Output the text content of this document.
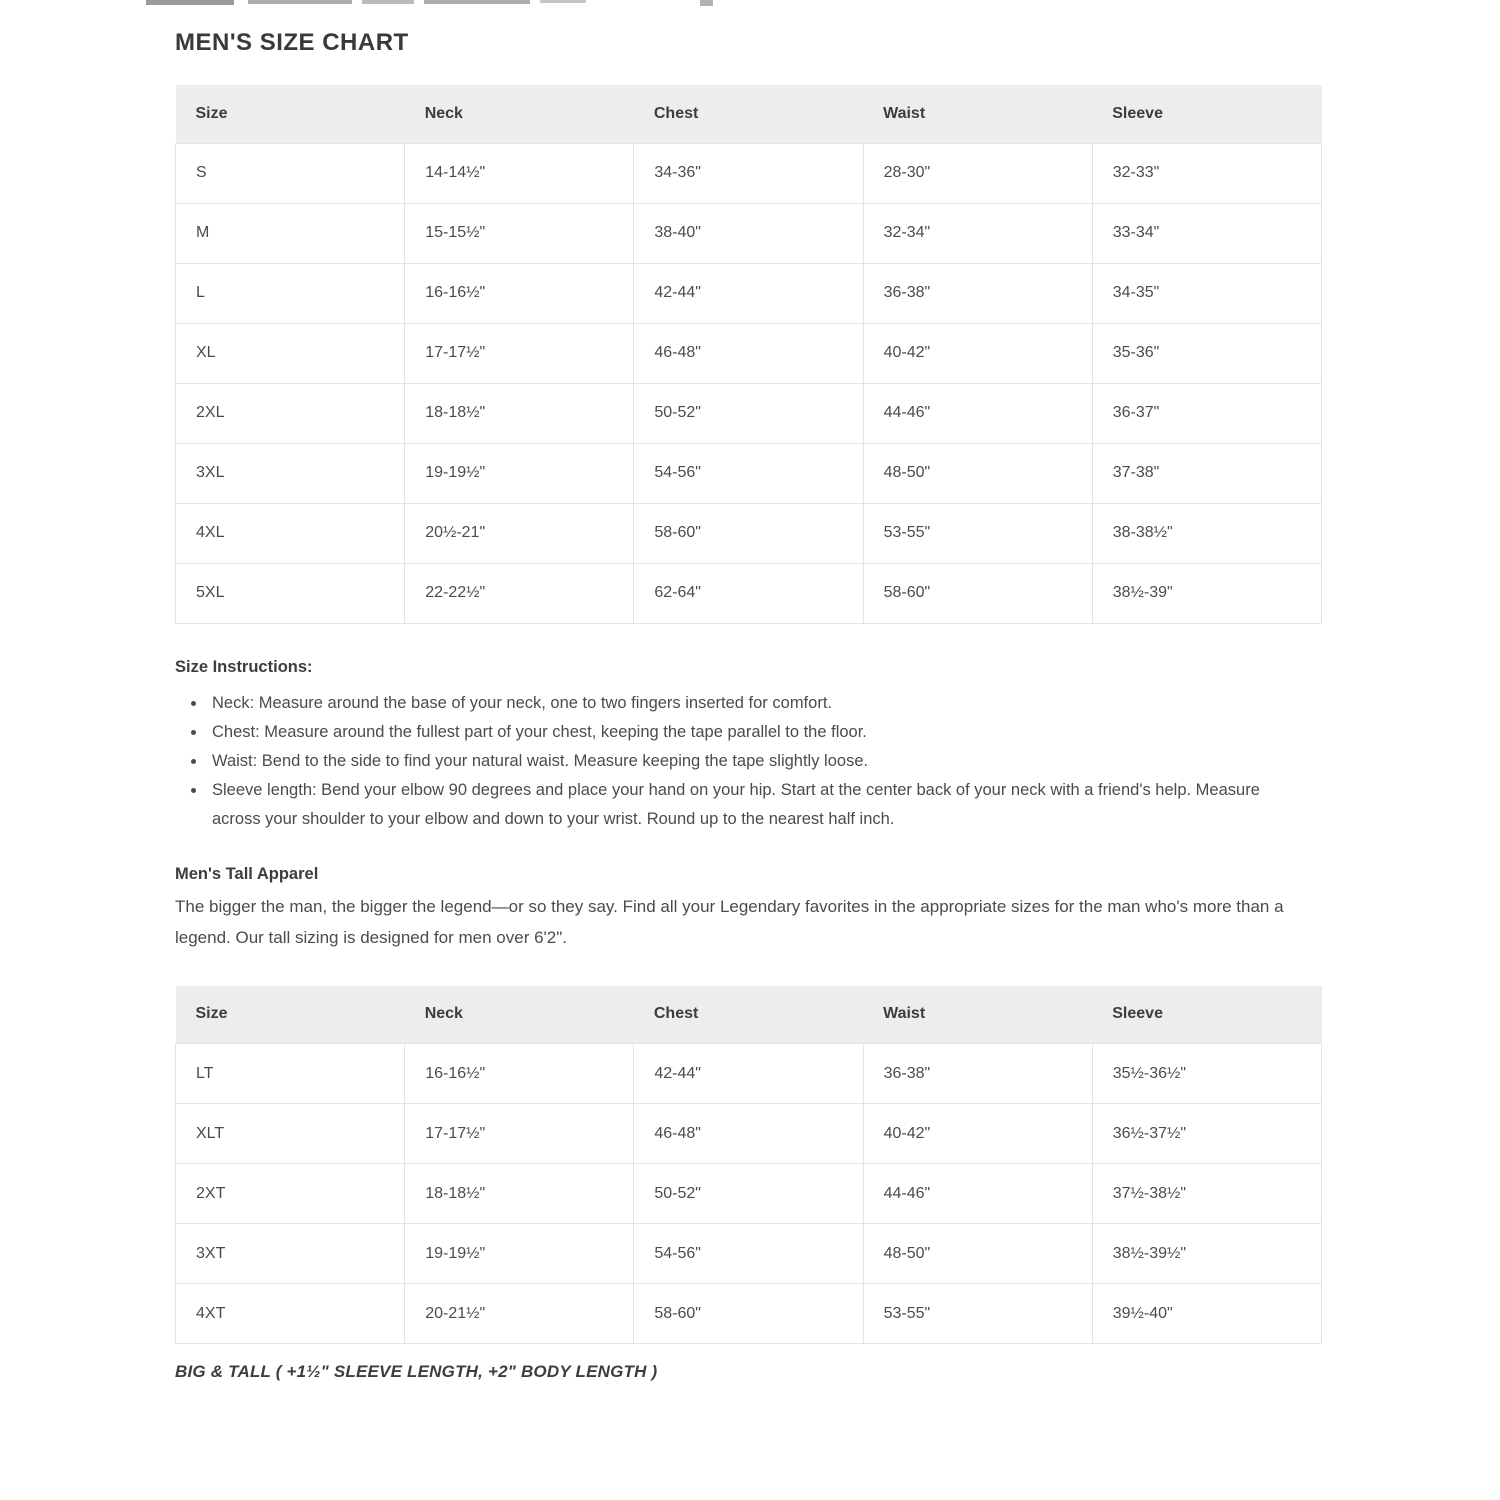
MEN'S SIZE CHART
Size	Neck	Chest	Waist	Sleeve
S	14-14½"	34-36"	28-30"	32-33"
M	15-15½"	38-40"	32-34"	33-34"
L	16-16½"	42-44"	36-38"	34-35"
XL	17-17½"	46-48"	40-42"	35-36"
2XL	18-18½"	50-52"	44-46"	36-37"
3XL	19-19½"	54-56"	48-50"	37-38"
4XL	20½-21"	58-60"	53-55"	38-38½"
5XL	22-22½"	62-64"	58-60"	38½-39"
Size Instructions:
Neck: Measure around the base of your neck, one to two fingers inserted for comfort.
Chest: Measure around the fullest part of your chest, keeping the tape parallel to the floor.
Waist: Bend to the side to find your natural waist. Measure keeping the tape slightly loose.
Sleeve length: Bend your elbow 90 degrees and place your hand on your hip. Start at the center back of your neck with a friend's help. Measure across your shoulder to your elbow and down to your wrist. Round up to the nearest half inch.
Men's Tall Apparel
The bigger the man, the bigger the legend—or so they say. Find all your Legendary favorites in the appropriate sizes for the man who's more than a legend. Our tall sizing is designed for men over 6'2".
Size	Neck	Chest	Waist	Sleeve
LT	16-16½"	42-44"	36-38"	35½-36½"
XLT	17-17½"	46-48"	40-42"	36½-37½"
2XT	18-18½"	50-52"	44-46"	37½-38½"
3XT	19-19½"	54-56"	48-50"	38½-39½"
4XT	20-21½"	58-60"	53-55"	39½-40"
BIG & TALL ( +1½" SLEEVE LENGTH, +2" BODY LENGTH )
